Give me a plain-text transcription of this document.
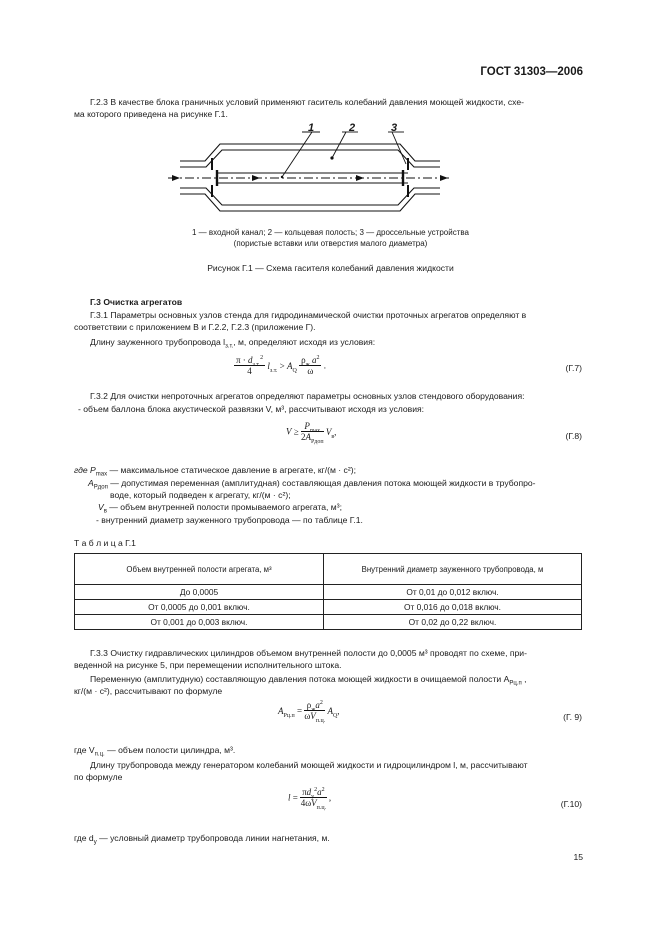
ГОСТ 31303—2006
Г.2.3 В качестве блока граничных условий применяют гаситель колебаний давления моющей жидкости, схе-
ма которого приведена на рисунке Г.1.
1	2	3
1 — входной канал; 2 — кольцевая полость; 3 — дроссельные устройства
(пористые вставки или отверстия малого диаметра)
Рисунок Г.1 — Схема гасителя колебаний давления жидкости
Г.3 Очистка агрегатов
Г.3.1 Параметры основных узлов стенда для гидродинамической очистки проточных агрегатов определяют в
соответствии с приложением В и Г.2.2, Г.2.3 (приложение Г).
Длину зауженного трубопровода $l_{з.т.}$, м, определяют исходя из условия:
$\pi \cdot d_{з.т.}^2$
4
$l_{з.т.} > A_Q$
$\rho_ж$ $a^2$
ω
.	(Г.7)
Г.3.2 Для очистки непроточных агрегатов определяют параметры основных узлов стендового оборудования:
- объем баллона блока акустической развязки V, м³, рассчитывают исходя из условия:
V ≥
$P_{max}$
$2A_{Pдоп}$
$V_в$,	(Г.8)
где $P_{max}$ — максимальное статическое давление в агрегате, кг/(м · с²);
$A_{Pдоп}$ — допустимая переменная (амплитудная) составляющая давления потока моющей жидкости в трубопро-
воде, который подведен к агрегату, кг/(м · с²);
$V_в$ — объем внутренней полости промываемого агрегата, м³;
- внутренний диаметр зауженного трубопровода — по таблице Г.1.
Т а б л и ц а Г.1
Объем внутренней полости агрегата, м³	Внутренний диаметр зауженного трубопровода, м
До 0,0005	От 0,01 до 0,012 включ.
От 0,0005 до 0,001 включ.	От 0,016 до 0,018 включ.
От 0,001 до 0,003 включ.	От 0,02 до 0,22 включ.
Г.3.3 Очистку гидравлических цилиндров объемом внутренней полости до 0,0005 м³ проводят по схеме, при-
веденной на рисунке 5, при перемещении исполнительного штока.
Переменную (амплитудную) составляющую давления потока моющей жидкости в очищаемой полости $A_{Pц.п}$ ,
кг/(м · с²), рассчитывают по формуле
$A_{Pц.п}$ =
$\rho_жa^2$
$\omega V_{п.ц.}$
$A_Q$,
(Г. 9)
где $V_{п.ц.}$ — объем полости цилиндра, м³.
Длину трубопровода между генератором колебаний моющей жидкости и гидроцилиндром l, м, рассчитывают
по формуле
l =
$\pi d_у^2a^2$
$4\omega V_{п.ц.}$
,
(Г.10)
где $d_у$ — условный диаметр трубопровода линии нагнетания, м.
15
